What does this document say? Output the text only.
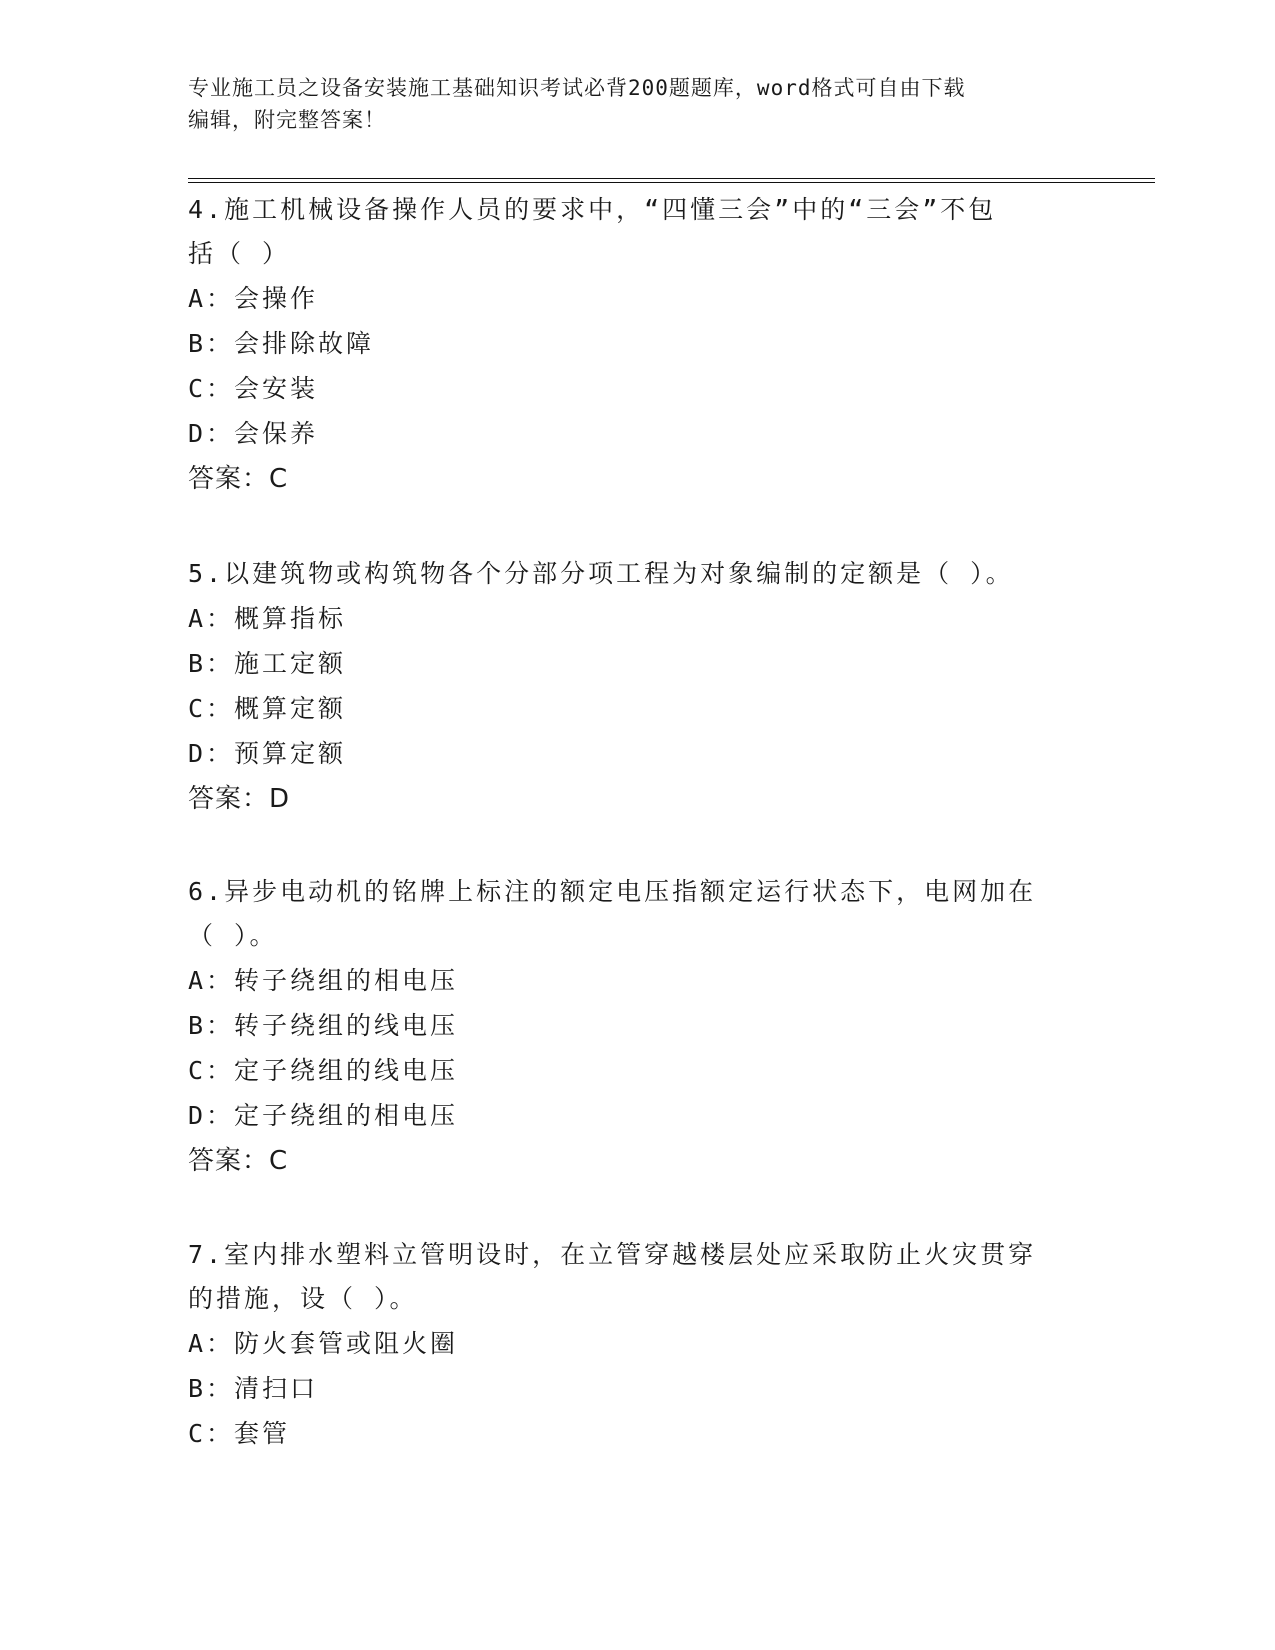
专业施工员之设备安装施工基础知识考试必背200题题库，word格式可自由下载
编辑，附完整答案！
4.施工机械设备操作人员的要求中，“四懂三会”中的“三会”不包
括（ ）
A：会操作
B：会排除故障
C：会安装
D：会保养
答案：C
5.以建筑物或构筑物各个分部分项工程为对象编制的定额是（ ）。
A：概算指标
B：施工定额
C：概算定额
D：预算定额
答案：D
6.异步电动机的铭牌上标注的额定电压指额定运行状态下，电网加在
（ ）。
A：转子绕组的相电压
B：转子绕组的线电压
C：定子绕组的线电压
D：定子绕组的相电压
答案：C
7.室内排水塑料立管明设时，在立管穿越楼层处应采取防止火灾贯穿
的措施，设（ ）。
A：防火套管或阻火圈
B：清扫口
C：套管
